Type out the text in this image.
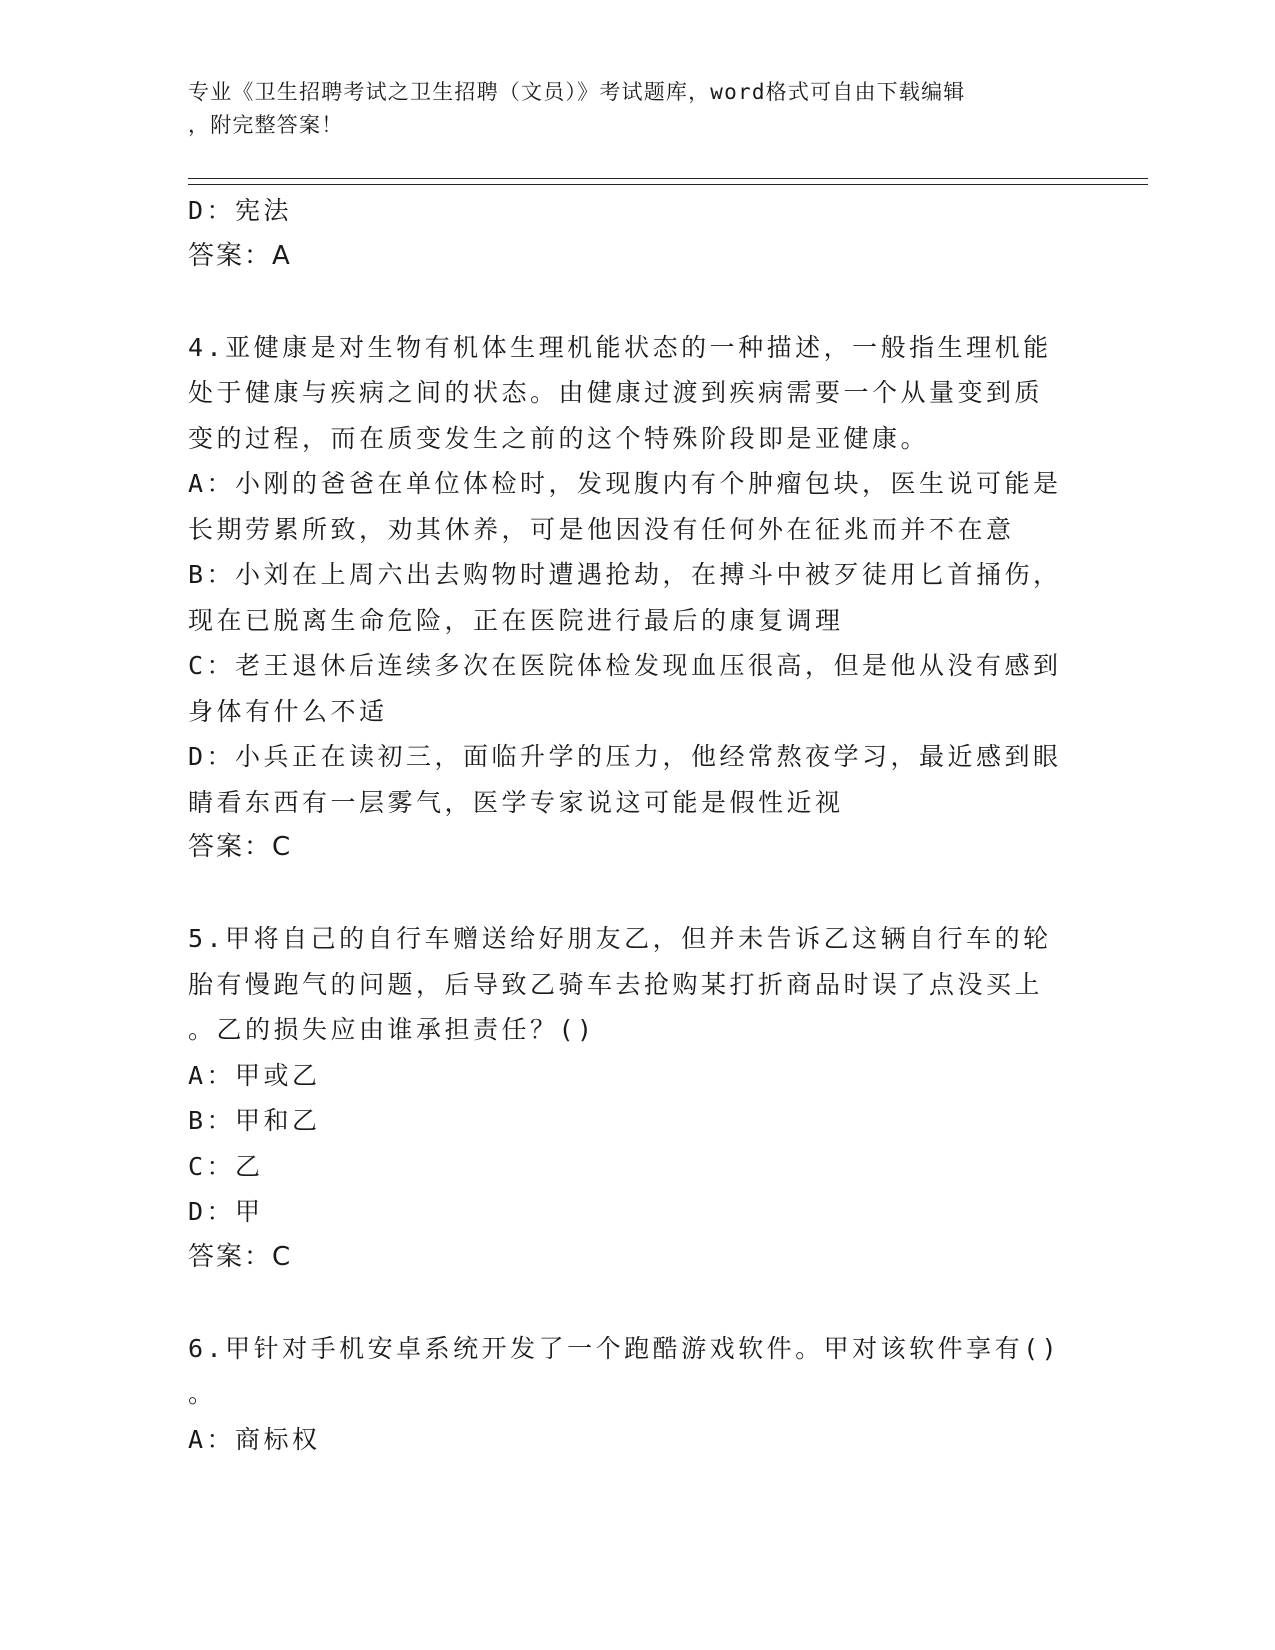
专业《卫生招聘考试之卫生招聘（文员）》考试题库，word格式可自由下载编辑
，附完整答案！
D：宪法
答案：A
4.亚健康是对生物有机体生理机能状态的一种描述，一般指生理机能
处于健康与疾病之间的状态。由健康过渡到疾病需要一个从量变到质
变的过程，而在质变发生之前的这个特殊阶段即是亚健康。
A：小刚的爸爸在单位体检时，发现腹内有个肿瘤包块，医生说可能是
长期劳累所致，劝其休养，可是他因没有任何外在征兆而并不在意
B：小刘在上周六出去购物时遭遇抢劫，在搏斗中被歹徒用匕首捅伤，
现在已脱离生命危险，正在医院进行最后的康复调理
C：老王退休后连续多次在医院体检发现血压很高，但是他从没有感到
身体有什么不适
D：小兵正在读初三，面临升学的压力，他经常熬夜学习，最近感到眼
睛看东西有一层雾气，医学专家说这可能是假性近视
答案：C
5.甲将自己的自行车赠送给好朋友乙，但并未告诉乙这辆自行车的轮
胎有慢跑气的问题，后导致乙骑车去抢购某打折商品时误了点没买上
。乙的损失应由谁承担责任？()
A：甲或乙
B：甲和乙
C：乙
D：甲
答案：C
6.甲针对手机安卓系统开发了一个跑酷游戏软件。甲对该软件享有()
。
A：商标权
